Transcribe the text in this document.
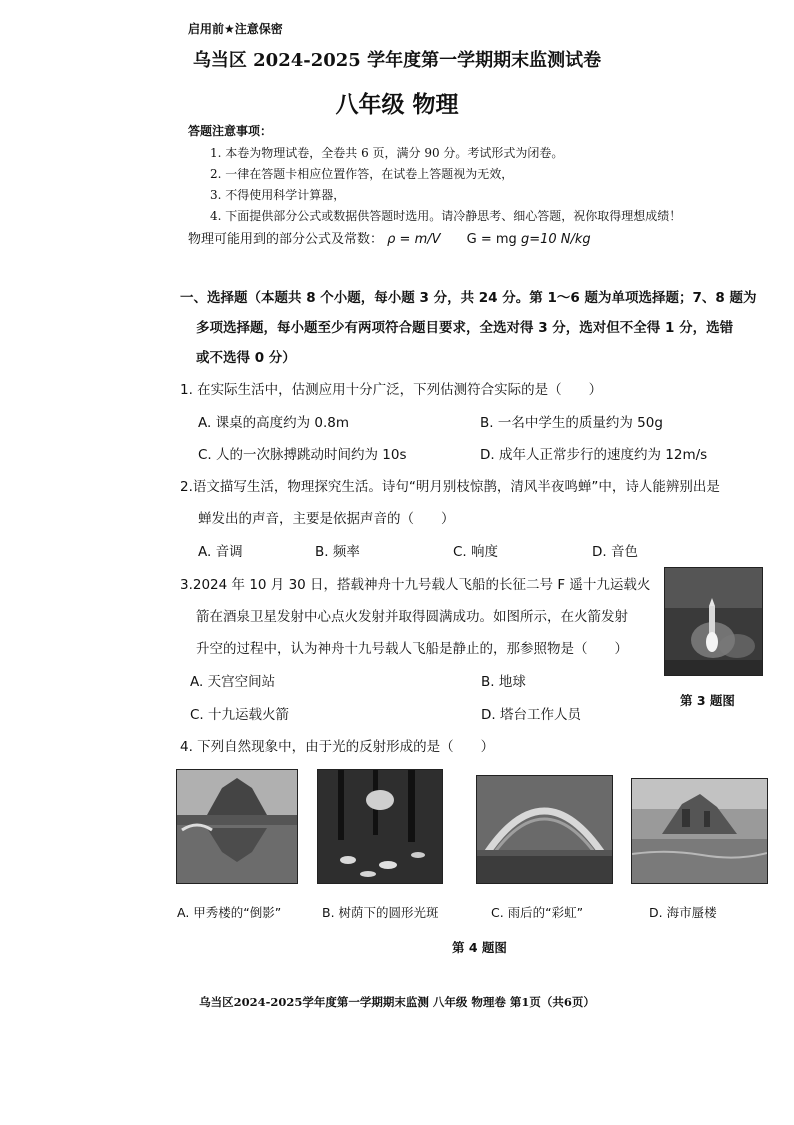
启用前★注意保密
乌当区 2024-2025 学年度第一学期期末监测试卷
八年级 物理
答题注意事项：
1. 本卷为物理试卷，全卷共 6 页，满分 90 分。考试形式为闭卷。
2. 一律在答题卡相应位置作答，在试卷上答题视为无效，
3. 不得使用科学计算器，
4. 下面提供部分公式或数据供答题时选用。请冷静思考、细心答题，祝你取得理想成绩！
物理可能用到的部分公式及常数： ρ = m/V G = mg g=10 N/kg
一、选择题（本题共 8 个小题，每小题 3 分，共 24 分。第 1～6 题为单项选择题；7、8 题为
多项选择题，每小题至少有两项符合题目要求，全选对得 3 分，选对但不全得 1 分，选错
或不选得 0 分）
1. 在实际生活中，估测应用十分广泛，下列估测符合实际的是（　　）
A. 课桌的高度约为 0.8m	B. 一名中学生的质量约为 50g
C. 人的一次脉搏跳动时间约为 10s	D. 成年人正常步行的速度约为 12m/s
2.语文描写生活，物理探究生活。诗句“明月别枝惊鹊，清风半夜鸣蝉”中，诗人能辨别出是
蝉发出的声音，主要是依据声音的（　　）
A. 音调	B. 频率	C. 响度	D. 音色
3.2024 年 10 月 30 日，搭载神舟十九号载人飞船的长征二号 F 遥十九运载火
箭在酒泉卫星发射中心点火发射并取得圆满成功。如图所示，在火箭发射
升空的过程中，认为神舟十九号载人飞船是静止的，那参照物是（　　）
A. 天宫空间站	B. 地球
C. 十九运载火箭	D. 塔台工作人员
第 3 题图
4. 下列自然现象中，由于光的反射形成的是（　　）
A. 甲秀楼的“倒影”	B. 树荫下的圆形光斑	C. 雨后的“彩虹”	D. 海市蜃楼
第 4 题图
乌当区2024-2025学年度第一学期期末监测 八年级 物理卷 第1页（共6页）
